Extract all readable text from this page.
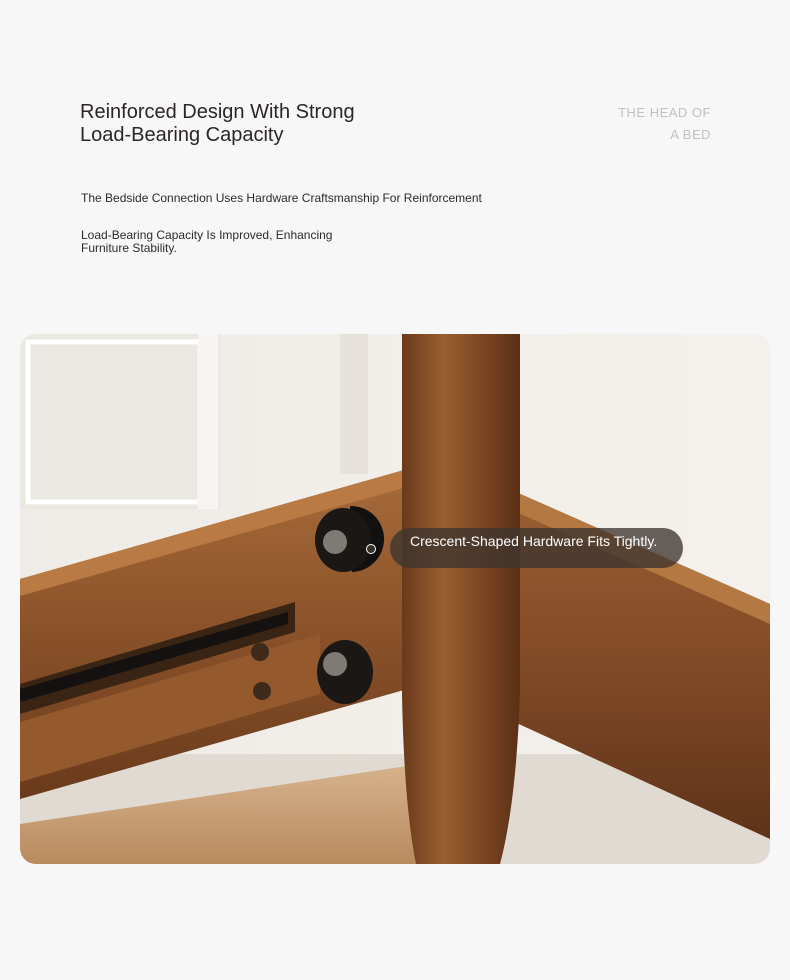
Reinforced Design With Strong Load-Bearing Capacity
THE HEAD OF
A BED
The Bedside Connection Uses Hardware Craftsmanship For Reinforcement
Load-Bearing Capacity Is Improved, Enhancing Furniture Stability.
Crescent-Shaped Hardware Fits Tightly.
